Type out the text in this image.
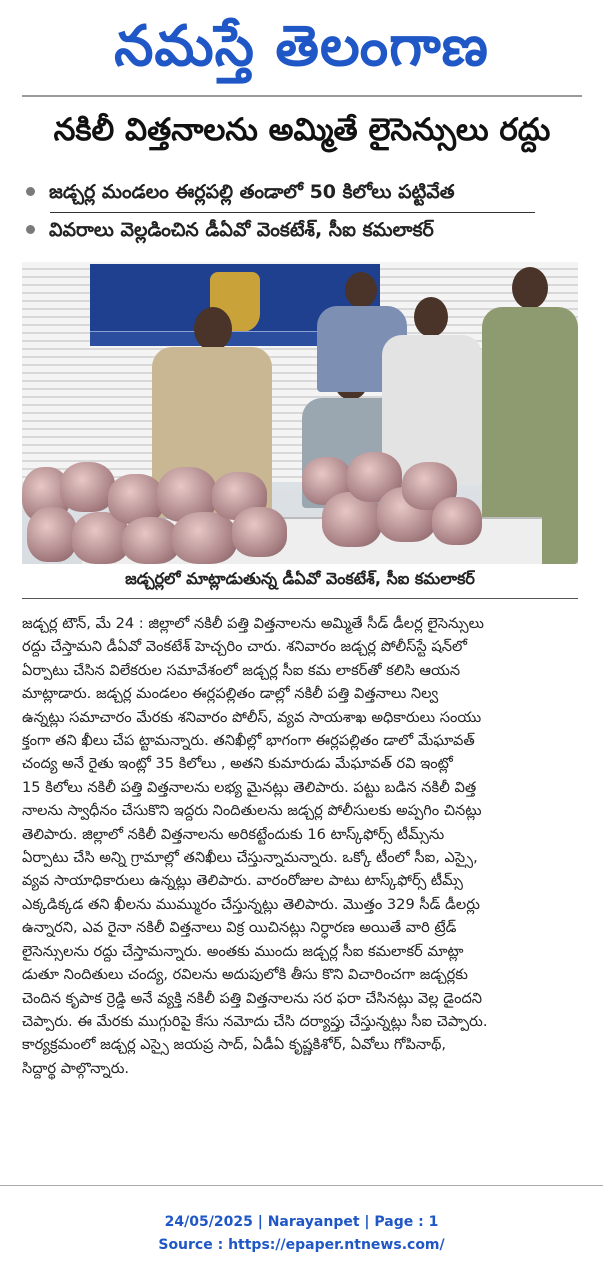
నమస్తే తెలంగాణ
నకిలీ విత్తనాలను అమ్మితే లైసెన్సులు రద్దు
జడ్చర్ల మండలం ఈర్లపల్లి తండాలో 50 కిలోలు పట్టివేత
వివరాలు వెల్లడించిన డీఏవో వెంకటేశ్, సీఐ కమలాకర్
జడ్చర్లలో మాట్లాడుతున్న డీఏవో వెంకటేశ్, సీఐ కమలాకర్
జడ్చర్ల టౌన్, మే 24 : జిల్లాలో నకిలీ పత్తి విత్తనాలను అమ్మితే సీడ్ డీలర్ల లైసెన్సులు
రద్దు చేస్తామని డీఏవో వెంకటేశ్ హెచ్చరిం చారు. శనివారం జడ్చర్ల పోలీస్‌స్టే షన్‌లో
ఏర్పాటు చేసిన విలేకరుల సమావేశంలో జడ్చర్ల సీఐ కమ లాకర్‌తో కలిసి ఆయన
మాట్లాడారు. జడ్చర్ల మండలం ఈర్లపల్లితం డాల్లో నకిలీ పత్తి విత్తనాలు నిల్వ
ఉన్నట్లు సమాచారం మేరకు శనివారం పోలీస్, వ్యవ సాయశాఖ అధికారులు సంయు
క్తంగా తని ఖీలు చేప ట్టామన్నారు. తనిఖీల్లో భాగంగా ఈర్లపల్లితం డాలో మేఘావత్
చంద్య అనే రైతు ఇంట్లో 35 కిలోలు , అతని కుమారుడు మేఘావత్ రవి ఇంట్లో
15 కిలోలు నకిలీ పత్తి విత్తనాలను లభ్య మైనట్లు తెలిపారు. పట్టు బడిన నకిలీ విత్త
నాలను స్వాధీనం చేసుకొని ఇద్దరు నిందితులను జడ్చర్ల పోలీసులకు అప్పగిం చినట్లు
తెలిపారు. జిల్లాలో నకిలీ విత్తనాలను అరికట్టేందుకు 16 టాస్క్‌ఫోర్స్ టీమ్స్‌ను
ఏర్పాటు చేసి అన్ని గ్రామాల్లో తనిఖీలు చేస్తున్నామన్నారు. ఒక్కో టీంలో సీఐ, ఎస్సై,
వ్యవ సాయాధికారులు ఉన్నట్లు తెలిపారు. వారంరోజుల పాటు టాస్క్‌ఫోర్స్ టీమ్స్
ఎక్కడిక్కడ తని ఖీలను ముమ్మురం చేస్తున్నట్లు తెలిపారు. మొత్తం 329 సీడ్ డీలర్లు
ఉన్నారని, ఎవ రైనా నకిలీ విత్తనాలు విక్ర యిచినట్లు నిర్ధారణ అయితే వారి ట్రేడ్
లైసెన్సులను రద్దు చేస్తామన్నారు. అంతకు ముందు జడ్చర్ల సీఐ కమలాకర్ మాట్లా
డుతూ నిందితులు చంద్య, రవిలను అదుపులోకి తీసు కొని విచారించగా జడ్చర్లకు
చెందిన కృపాక ర్రెడ్డి అనే వ్యక్తి నకిలీ పత్తి విత్తనాలను సర ఫరా చేసినట్లు వెల్ల డైందని
చెప్పారు. ఈ మేరకు ముగ్గురిపై కేసు నమోదు చేసి దర్యాప్తు చేస్తున్నట్లు సీఐ చెప్పారు.
కార్యక్రమంలో జడ్చర్ల ఎస్సై జయప్ర సాద్, ఏడీఏ కృష్ణకిశోర్, ఏవోలు గోపినాథ్,
సిద్దార్థ పాల్గొన్నారు.
24/05/2025 | Narayanpet | Page : 1
Source : https://epaper.ntnews.com/
